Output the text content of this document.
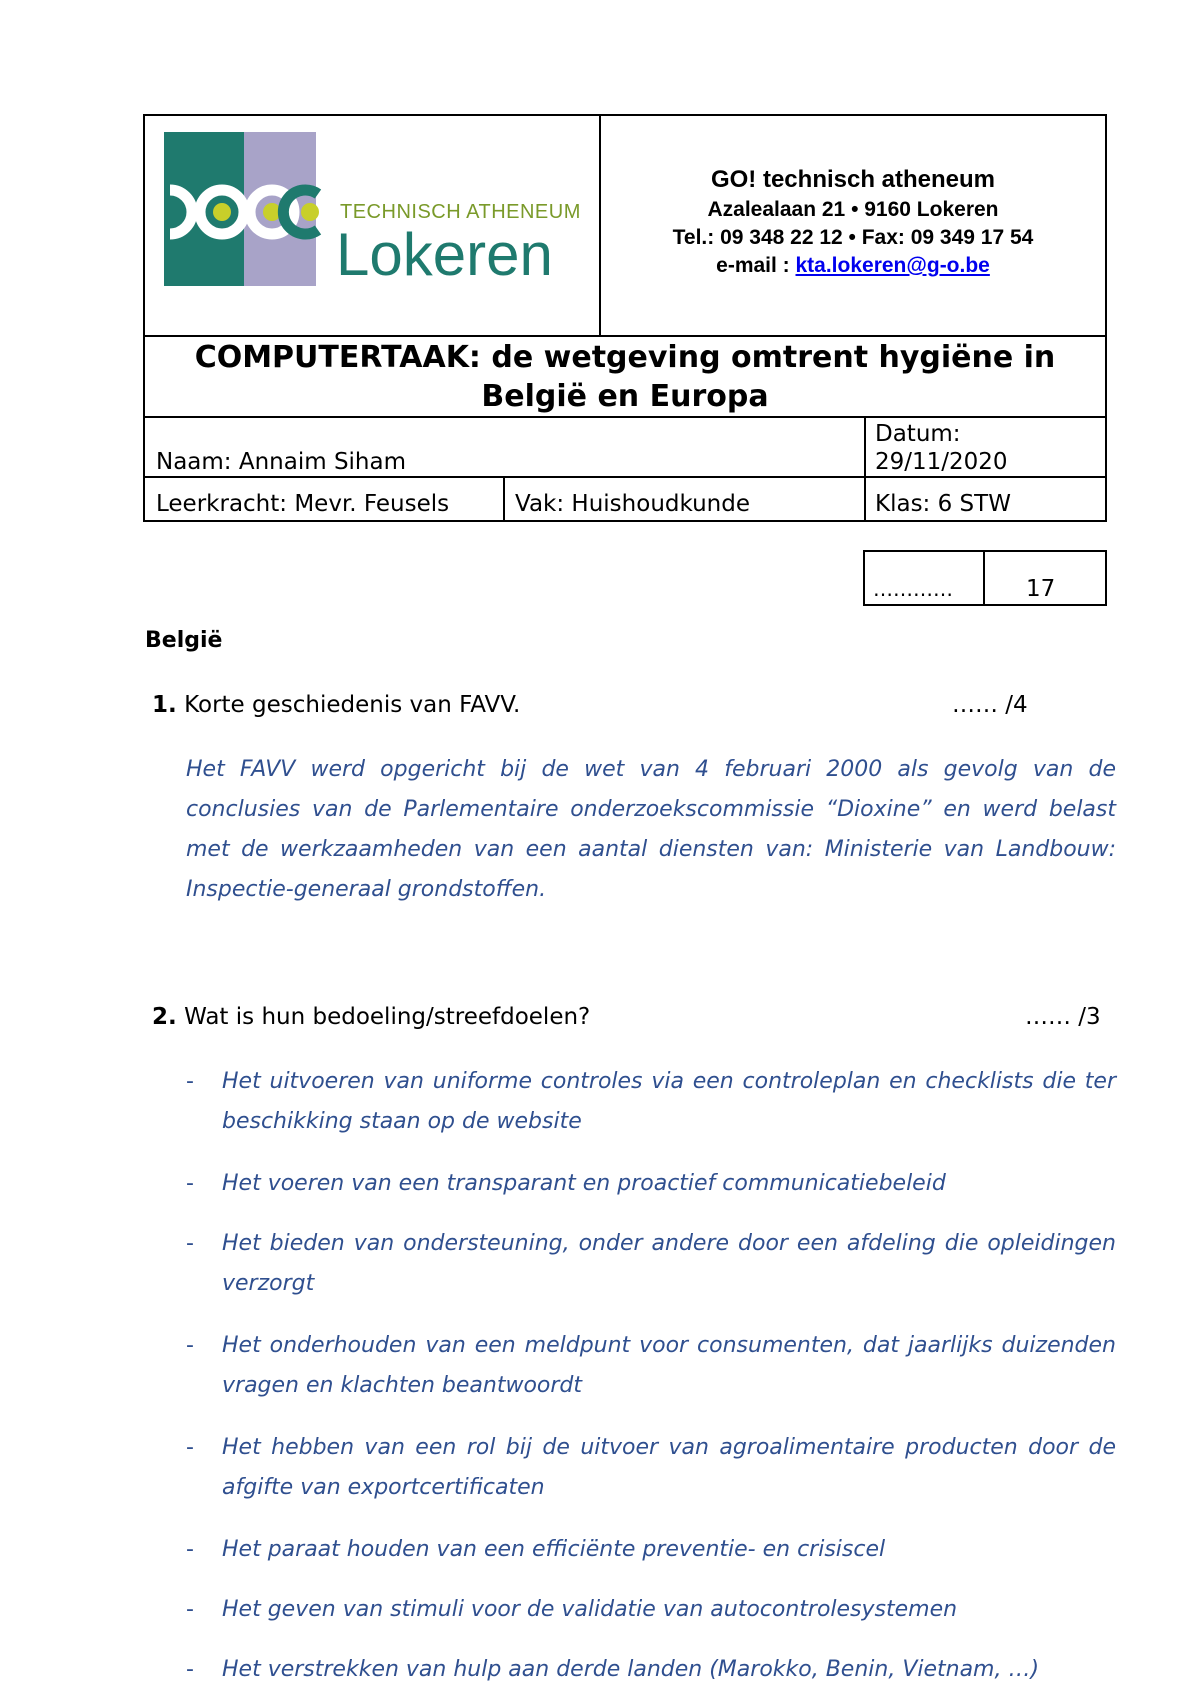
TECHNISCH ATHENEUM
Lokeren
GO! technisch atheneum
Azalealaan 21 • 9160 Lokeren
Tel.: 09 348 22 12 • Fax: 09 349 17 54
e-mail : kta.lokeren@g-o.be
COMPUTERTAAK: de wetgeving omtrent hygiëne in
België en Europa
Naam: Annaim Siham
Datum:
29/11/2020
Leerkracht: Mevr. Feusels	Vak: Huishoudkunde	Klas: 6 STW
…………	17
België
1. Korte geschiedenis van FAVV.	…… /4
Het FAVV werd opgericht bij de wet van 4 februari 2000 als gevolg van de conclusies van de Parlementaire onderzoekscommissie “Dioxine” en werd belast met de werkzaamheden van een aantal diensten van: Ministerie van Landbouw: Inspectie-generaal grondstoffen.
2. Wat is hun bedoeling/streefdoelen?	…… /3
- Het uitvoeren van uniforme controles via een controleplan en checklists die ter beschikking staan op de website
- Het voeren van een transparant en proactief communicatiebeleid
- Het bieden van ondersteuning, onder andere door een afdeling die opleidingen verzorgt
- Het onderhouden van een meldpunt voor consumenten, dat jaarlijks duizenden vragen en klachten beantwoordt
- Het hebben van een rol bij de uitvoer van agroalimentaire producten door de afgifte van exportcertificaten
- Het paraat houden van een efficiënte preventie- en crisiscel
- Het geven van stimuli voor de validatie van autocontrolesystemen
- Het verstrekken van hulp aan derde landen (Marokko, Benin, Vietnam, …)
